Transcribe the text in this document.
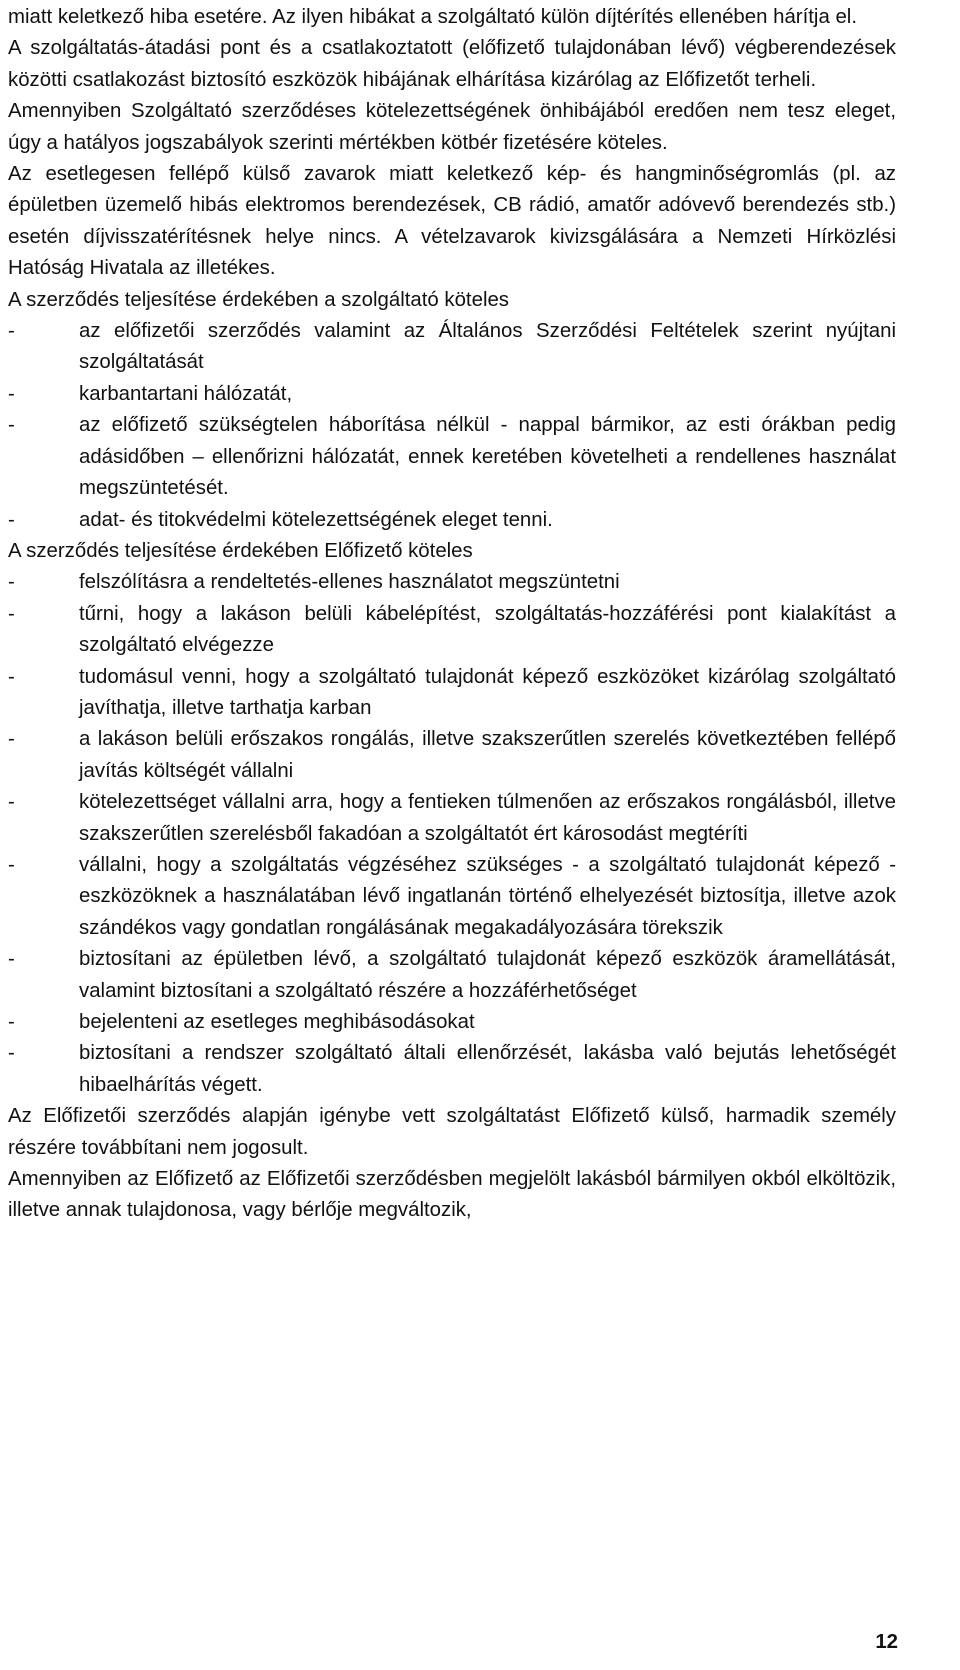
miatt keletkező hiba esetére. Az ilyen hibákat a szolgáltató külön díjtérítés ellenében hárítja el.

A szolgáltatás-átadási pont és a csatlakoztatott (előfizető tulajdonában lévő) végberendezések közötti csatlakozást biztosító eszközök hibájának elhárítása kizárólag az Előfizetőt terheli.

Amennyiben Szolgáltató szerződéses kötelezettségének önhibájából eredően nem tesz eleget, úgy a hatályos jogszabályok szerinti mértékben kötbér fizetésére köteles.

Az esetlegesen fellépő külső zavarok miatt keletkező kép- és hangminőségromlás (pl. az épületben üzemelő hibás elektromos berendezések, CB rádió, amatőr adóvevő berendezés stb.) esetén díjvisszatérítésnek helye nincs. A vételzavarok kivizsgálására a Nemzeti Hírközlési Hatóság Hivatala az illetékes.

A szerződés teljesítése érdekében a szolgáltató köteles

-	az előfizetői szerződés valamint az Általános Szerződési Feltételek szerint nyújtani szolgáltatását
-	karbantartani hálózatát,
-	az előfizető szükségtelen háborítása nélkül - nappal bármikor, az esti órákban pedig adásidőben – ellenőrizni hálózatát, ennek keretében követelheti a rendellenes használat megszüntetését.
-	adat- és titokvédelmi kötelezettségének eleget tenni.

A szerződés teljesítése érdekében Előfizető köteles

-	felszólításra a rendeltetés-ellenes használatot megszüntetni
-	tűrni, hogy a lakáson belüli kábelépítést, szolgáltatás-hozzáférési pont kialakítást a szolgáltató elvégezze
-	tudomásul venni, hogy a szolgáltató tulajdonát képező eszközöket kizárólag szolgáltató javíthatja, illetve tarthatja karban
-	a lakáson belüli erőszakos rongálás, illetve szakszerűtlen szerelés következtében fellépő javítás költségét vállalni
-	kötelezettséget vállalni arra, hogy a fentieken túlmenően az erőszakos rongálásból, illetve szakszerűtlen szerelésből fakadóan a szolgáltatót ért károsodást megtéríti
-	vállalni, hogy a szolgáltatás végzéséhez szükséges - a szolgáltató tulajdonát képező - eszközöknek a használatában lévő ingatlanán történő elhelyezését biztosítja, illetve azok szándékos vagy gondatlan rongálásának megakadályozására törekszik
-	biztosítani az épületben lévő, a szolgáltató tulajdonát képező eszközök áramellátását, valamint biztosítani a szolgáltató részére a hozzáférhetőséget
-	bejelenteni az esetleges meghibásodásokat
-	biztosítani a rendszer szolgáltató általi ellenőrzését, lakásba való bejutás lehetőségét hibaelhárítás végett.

Az Előfizetői szerződés alapján igénybe vett szolgáltatást Előfizető külső, harmadik személy részére továbbítani nem jogosult.

Amennyiben az Előfizető az Előfizetői szerződésben megjelölt lakásból bármilyen okból elköltözik, illetve annak tulajdonosa, vagy bérlője megváltozik,

12
